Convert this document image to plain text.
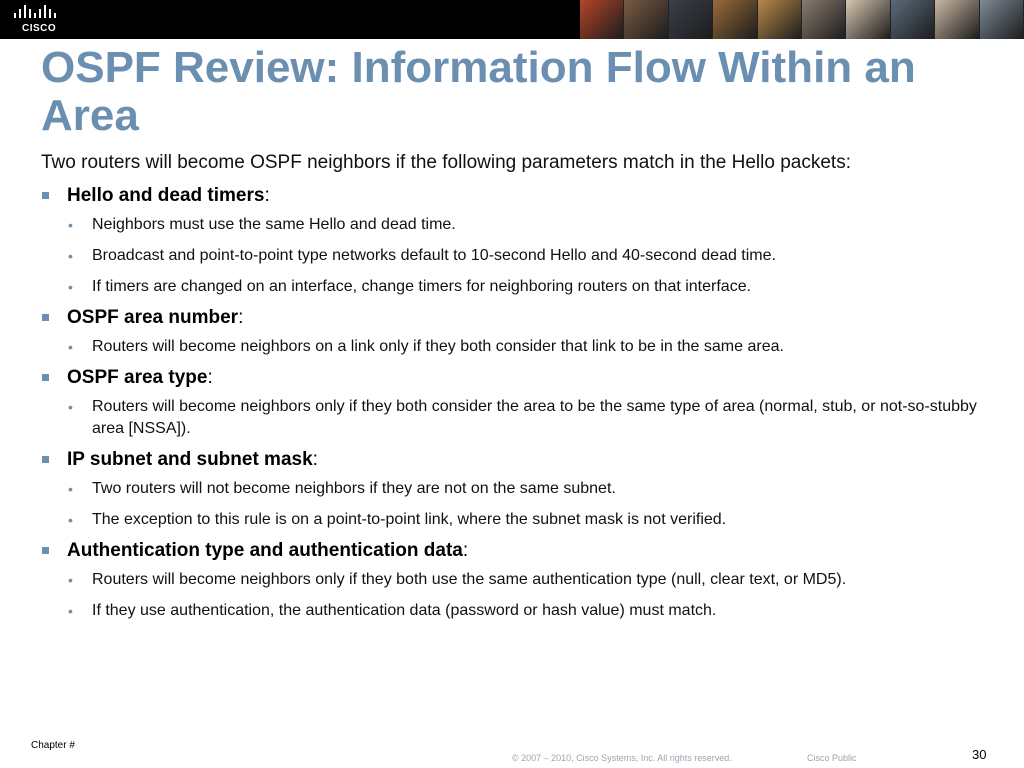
CISCO
OSPF Review: Information Flow Within an Area

Two routers will become OSPF neighbors if the following parameters match in the Hello packets:

Hello and dead timers:
• Neighbors must use the same Hello and dead time.
• Broadcast and point-to-point type networks default to 10-second Hello and 40-second dead time.
• If timers are changed on an interface, change timers for neighboring routers on that interface.
OSPF area number:
• Routers will become neighbors on a link only if they both consider that link to be in the same area.
OSPF area type:
• Routers will become neighbors only if they both consider the area to be the same type of area (normal, stub, or not-so-stubby area [NSSA]).
IP subnet and subnet mask:
• Two routers will not become neighbors if they are not on the same subnet.
• The exception to this rule is on a point-to-point link, where the subnet mask is not verified.
Authentication type and authentication data:
• Routers will become neighbors only if they both use the same authentication type (null, clear text, or MD5).
• If they use authentication, the authentication data (password or hash value) must match.
Chapter #
© 2007 – 2010, Cisco Systems, Inc. All rights reserved.	Cisco Public	30
